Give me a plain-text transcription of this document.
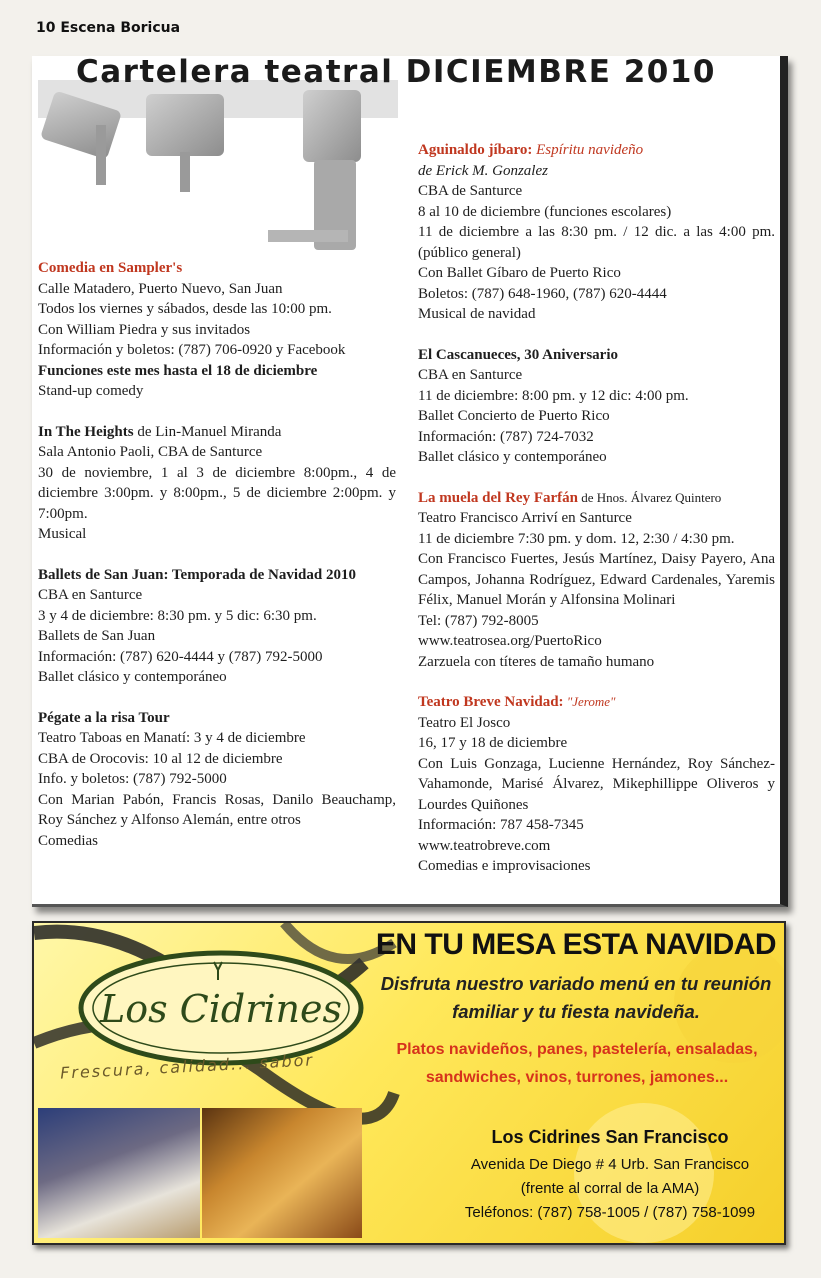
10 Escena Boricua
Cartelera teatral DICIEMBRE 2010

Comedia en Sampler's

Calle Matadero, Puerto Nuevo, San Juan

Todos los viernes y sábados, desde las 10:00 pm.

Con William Piedra y sus invitados

Información y boletos: (787) 706-0920 y Facebook

Funciones este mes hasta el 18 de diciembre

Stand-up comedy

In The Heights de Lin-Manuel Miranda

Sala Antonio Paoli, CBA de Santurce

30 de noviembre, 1 al 3 de diciembre 8:00pm., 4 de diciembre 3:00pm. y 8:00pm., 5 de diciembre 2:00pm. y 7:00pm.

Musical

Ballets de San Juan: Temporada de Navidad 2010

CBA en Santurce

3 y 4 de diciembre: 8:30 pm. y 5 dic: 6:30 pm.

Ballets de San Juan

Información: (787) 620-4444 y (787) 792-5000

Ballet clásico y contemporáneo

Pégate a la risa Tour

Teatro Taboas en Manatí: 3 y 4 de diciembre

CBA de Orocovis: 10 al 12 de diciembre

Info. y boletos: (787) 792-5000

Con Marian Pabón, Francis Rosas, Danilo Beauchamp, Roy Sánchez y Alfonso Alemán, entre otros

Comedias

Aguinaldo jíbaro: Espíritu navideño

de Erick M. Gonzalez

CBA de Santurce

8 al 10 de diciembre (funciones escolares)

11 de diciembre a las 8:30 pm. / 12 dic. a las 4:00 pm. (público general)

Con Ballet Gíbaro de Puerto Rico

Boletos: (787) 648-1960, (787) 620-4444

Musical de navidad

El Cascanueces, 30 Aniversario

CBA en Santurce

11 de diciembre: 8:00 pm. y 12 dic: 4:00 pm.

Ballet Concierto de Puerto Rico

Información: (787) 724-7032

Ballet clásico y contemporáneo

La muela del Rey Farfán de Hnos. Álvarez Quintero

Teatro Francisco Arriví en Santurce

11 de diciembre 7:30 pm. y dom. 12, 2:30 / 4:30 pm.

Con Francisco Fuertes, Jesús Martínez, Daisy Payero, Ana Campos, Johanna Rodríguez, Edward Cardenales, Yaremis Félix, Manuel Morán y Alfonsina Molinari

Tel: (787) 792-8005

www.teatrosea.org/PuertoRico

Zarzuela con títeres de tamaño humano

Teatro Breve Navidad: "Jerome"

Teatro El Josco

16, 17 y 18 de diciembre

Con Luis Gonzaga, Lucienne Hernández, Roy Sánchez-Vahamonde, Marisé Álvarez, Mikephillippe Oliveros y Lourdes Quiñones

Información: 787 458-7345

www.teatrobreve.com

Comedias e improvisaciones

Los Cidrines

Frescura, calidad... sabor

EN TU MESA ESTA NAVIDAD

Disfruta nuestro variado menú en tu reunión
familiar y tu fiesta navideña.
Platos navideños, panes, pastelería, ensaladas,
sandwiches, vinos, turrones, jamones...

Los Cidrines San Francisco

Avenida De Diego # 4 Urb. San Francisco
(frente al corral de la AMA)
Teléfonos: (787) 758-1005 / (787) 758-1099
